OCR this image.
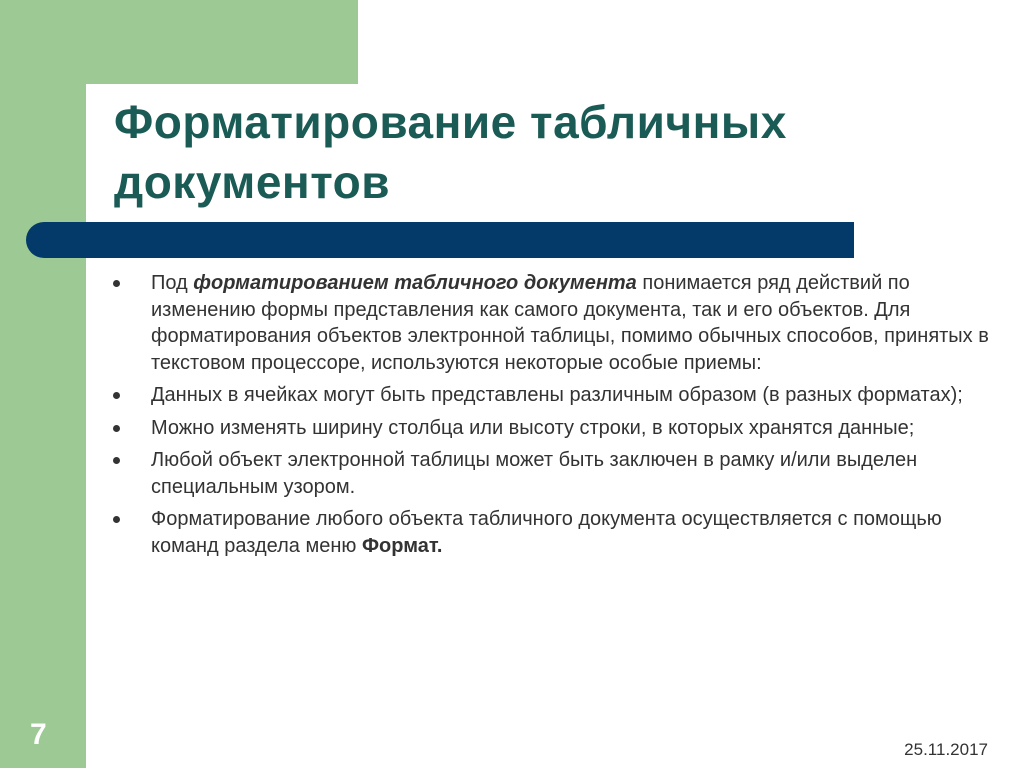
Форматирование табличных документов
Под форматированием табличного документа понимается ряд действий по изменению формы представления как самого документа, так и его объектов. Для форматирования объектов электронной таблицы, помимо обычных способов, принятых в текстовом процессоре, используются некоторые особые приемы:
Данных в ячейках могут быть представлены различным образом (в разных форматах);
Можно изменять ширину столбца или высоту строки, в которых хранятся данные;
Любой объект электронной таблицы может быть заключен в рамку и/или выделен специальным узором.
Форматирование любого объекта табличного документа осуществляется с помощью команд раздела меню Формат.
7	25.11.2017
